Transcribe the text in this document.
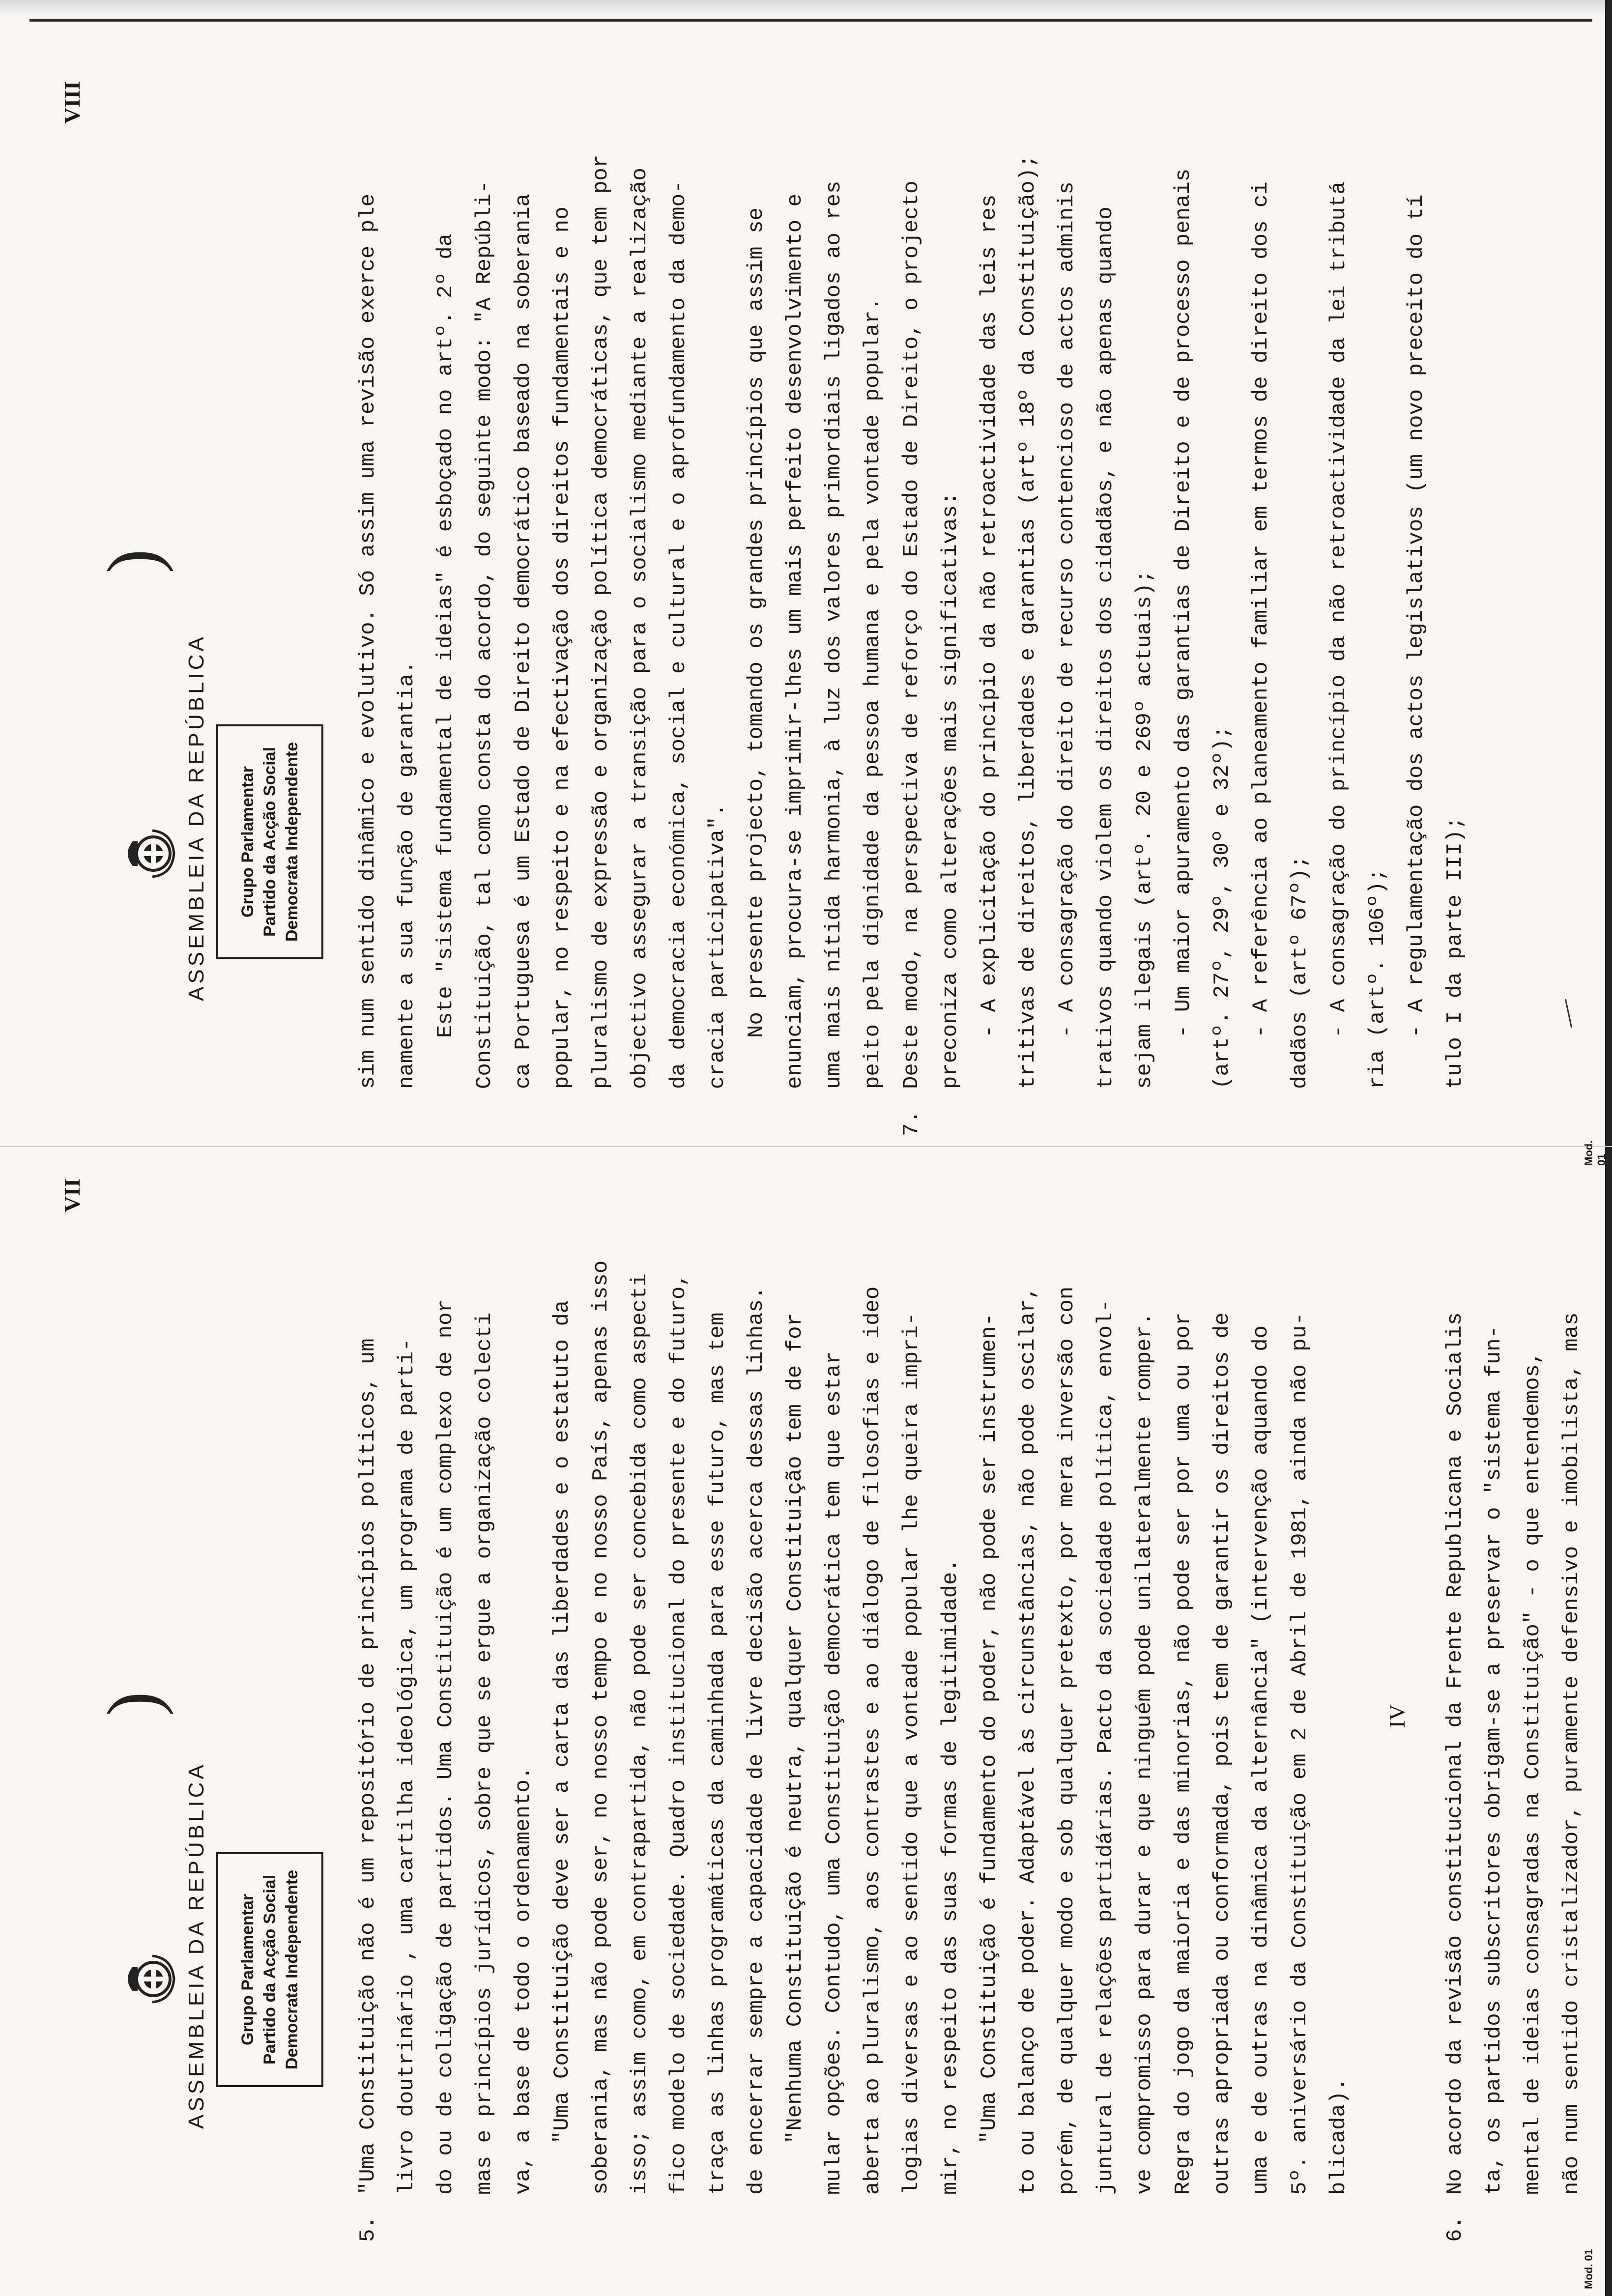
VII
)
ASSEMBLEIA DA REPÚBLICA Grupo Parlamentar Partido da Acção Social Democrata Independente
5."Uma Constituição não é um repositório de princípios políticos, um livro doutrinário , uma cartilha ideológica, um programa de parti- do ou de coligação de partidos. Uma Constituição é um complexo de nor mas e princípios jurídicos, sobre que se ergue a organização colecti va, a base de todo o ordenamento. "Uma Constituição deve ser a carta das liberdades e o estatuto da soberania, mas não pode ser, no nosso tempo e no nosso País, apenas isso isso; assim como, em contrapartida, não pode ser concebida como aspecti fico modelo de sociedade. Quadro institucional do presente e do futuro, traça as linhas programáticas da caminhada para esse futuro, mas tem de encerrar sempre a capacidade de livre decisão acerca dessas linhas. "Nenhuma Constituição é neutra, qualquer Constituição tem de for mular opções. Contudo, uma Constituição democrática tem que estar aberta ao pluralismo, aos contrastes e ao diálogo de filosofias e ideo logias diversas e ao sentido que a vontade popular lhe queira impri- mir, no respeito das suas formas de legitimidade. "Uma Constituição é fundamento do poder, não pode ser instrumen- to ou balanço de poder. Adaptável às circunstâncias, não pode oscilar, porém, de qualquer modo e sob qualquer pretexto, por mera inversão con juntural de relações partidárias. Pacto da sociedade política, envol- ve compromisso para durar e que ninguém pode unilateralmente romper. Regra do jogo da maioria e das minorias, não pode ser por uma ou por outras apropriada ou conformada, pois tem de garantir os direitos de uma e de outras na dinâmica da alternância" (intervenção aquando do 5º. aniversário da Constituição em 2 de Abril de 1981, ainda não pu- blicada).
IV
6.No acordo da revisão constitucional da Frente Republicana e Socialis ta, os partidos subscritores obrigam-se a preservar o "sistema fun- mental de ideias consagradas na Constituição" - o que entendemos, não num sentido cristalizador, puramente defensivo e imobilista, mas
Mod. 01
Mod. 01
VIII
)
ASSEMBLEIA DA REPÚBLICA Grupo Parlamentar Partido da Acção Social Democrata Independente	sim num sentido dinâmico e evolutivo. Só assim uma revisão exerce ple namente a sua função de garantia. Este "sistema fundamental de ideias" é esboçado no artº. 2º da Constituição, tal como consta do acordo, do seguinte modo: "A Repúbli- ca Portuguesa é um Estado de Direito democrático baseado na soberania popular, no respeito e na efectivação dos direitos fundamentais e no pluralismo de expressão e organização política democráticas, que tem por objectivo assegurar a transição para o socialismo mediante a realização da democracia económica, social e cultural e o aprofundamento da demo- cracia participativa". No presente projecto, tomando os grandes princípios que assim se enunciam, procura-se imprimir-lhes um mais perfeito desenvolvimento e uma mais nítida harmonia, à luz dos valores primordiais ligados ao res peito pela dignidade da pessoa humana e pela vontade popular.
7.Deste modo, na perspectiva de reforço do Estado de Direito, o projecto preconiza como alterações mais significativas: - A explicitação do princípio da não retroactividade das leis res tritivas de direitos, liberdades e garantias (artº 18º da Constituição); - A consagração do direito de recurso contencioso de actos adminis trativos quando violem os direitos dos cidadãos, e não apenas quando sejam ilegais (artº. 20 e 269º actuais); - Um maior apuramento das garantias de Direito e de processo penais (artº. 27º, 29º, 30º e 32º); - A referência ao planeamento familiar em termos de direito dos ci dadãos (artº 67º); - A consagração do princípio da não retroactividade da lei tributá ria (artº. 106º); - A regulamentação dos actos legislativos (um novo preceito do tí tulo I da parte III);
